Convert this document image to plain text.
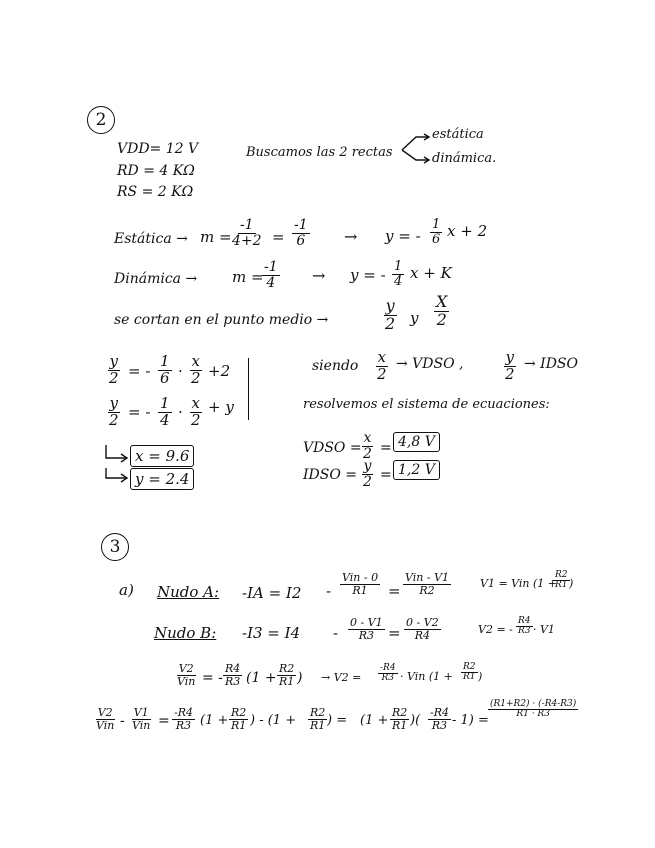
2
VDD= 12 V
RD = 4 KΩ
RS = 2 KΩ
Buscamos las 2 rectas
estática
dinámica.
Estática → m =
$\frac{-1}{4+2} = \frac{-1}{6} \to y$ = - $\frac{1}{6}$ x + 2
Dinámica → m =
$\frac{-1}{4} \to y$ = - $\frac{1}{4}$ x + K
se cortan en el punto medio →	$\frac{y}{2}$ y $\frac{X}{2}$
$\frac{y}{2}$ = - $\frac{1}{6} \cdot \frac{x}{2} +2$
$\frac{y}{2}$ = - $\frac{1}{4} \cdot \frac{x}{2} + y$
x = 9.6
y = 2.4
siendo $\frac{x}{2}$ → VDSO ,	$\frac{y}{2}$ → IDSO
resolvemos el sistema de ecuaciones:
VDSO = $\frac{x}{2} = 4,8$ V
IDSO = $\frac{y}{2} = 1,2$ V
3
a) Nudo A: -IA = I2 -
Vin - 0
R1 =
Vin - V1
R2
V1 = Vin (1 +
$\frac{R2}{R1}$ )
Nudo B: $-I3 = I4 - \frac{0 - V1}{R3} = \frac{0 - V2}{R4}$	V2 = - $\frac{R4}{R3} \cdot V1$
V2
Vin = - $\frac{R4}{R3} (1 + \frac{R2}{R1}$ ) → $V2 = \frac{-R4}{R3}$ · Vin ($1 + \frac{R2}{R1}$ )
V2
Vin -
V1
Vin = $\frac{-R4}{R3} (1 + \frac{R2}{R1}$ ) - ($1 + \frac{R2}{R1}$ ) = ($1 + \frac{R2}{R1}$ )( $\frac{-R4}{R3} - 1$) =
$\frac{(R1+R2) \cdot (-R4-R3)}{R1 \cdot R3}$
